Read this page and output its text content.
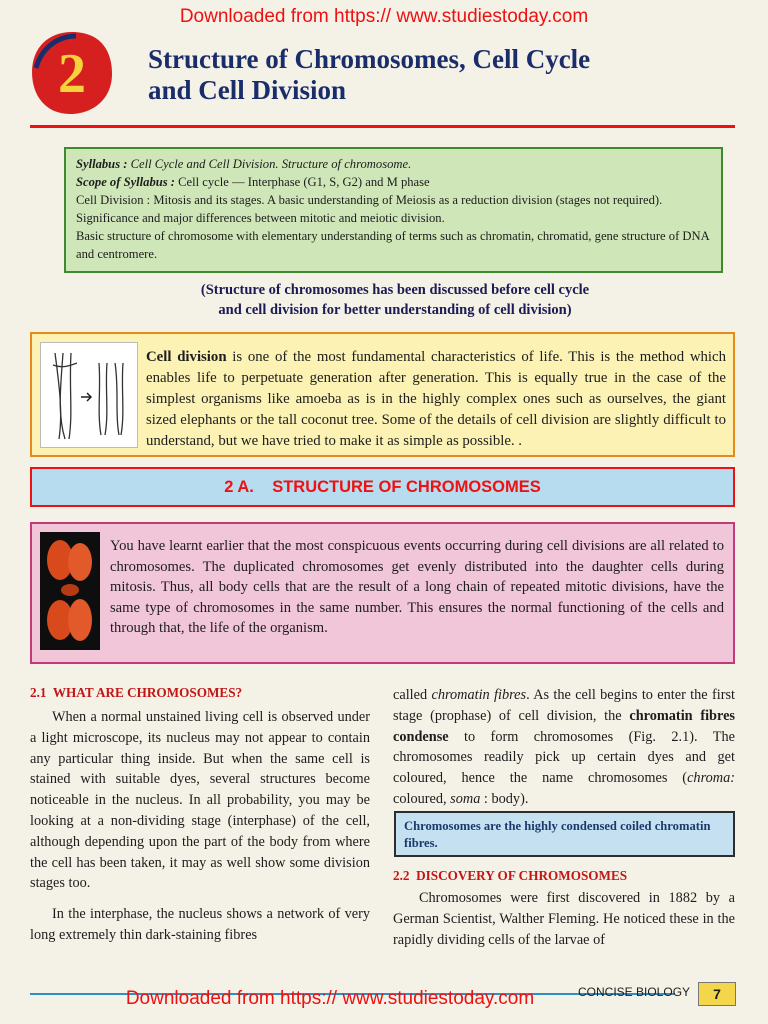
Downloaded from https:// www.studiestoday.com
2 Structure of Chromosomes, Cell Cycle
and Cell Division

Syllabus : Cell Cycle and Cell Division. Structure of chromosome.

Scope of Syllabus : Cell cycle — Interphase (G1, S, G2) and M phase

Cell Division : Mitosis and its stages. A basic understanding of Meiosis as a reduction division (stages not required). Significance and major differences between mitotic and meiotic division.

Basic structure of chromosome with elementary understanding of terms such as chromatin, chromatid, gene structure of DNA and centromere.

(Structure of chromosomes has been discussed before cell cycle
and cell division for better understanding of cell division)
Cell division is one of the most fundamental characteristics of life. This is the method which enables life to perpetuate generation after generation. This is equally true in the case of the simplest organisms like amoeba as is in the highly complex ones such as ourselves, the giant sized elephants or the tall coconut tree. Some of the details of cell division are slightly difficult to understand, but we have tried to make it as simple as possible. .
2 A.    STRUCTURE OF CHROMOSOMES
You have learnt earlier that the most conspicuous events occurring during cell divisions are all related to chromosomes. The duplicated chromosomes get evenly distributed into the daughter cells during mitosis. Thus, all body cells that are the result of a long chain of repeated mitotic divisions, have the same type of chromosomes in the same number. This ensures the normal functioning of the cells and through that, the life of the organism.
2.1  WHAT ARE CHROMOSOMES?

When a normal unstained living cell is observed under a light microscope, its nucleus may not appear to contain any particular thing inside. But when the same cell is stained with suitable dyes, several structures become noticeable in the nucleus. In all probability, you may be looking at a non-dividing stage (interphase) of the cell, although depending upon the part of the body from where the cell has been taken, it may as well show some division stages too.

In the interphase, the nucleus shows a network of very long extremely thin dark-staining fibres

called chromatin fibres. As the cell begins to enter the first stage (prophase) of cell division, the chromatin fibres condense to form chromosomes (Fig. 2.1). The chromosomes readily pick up certain dyes and get coloured, hence the name chromosomes (chroma: coloured, soma : body).
Chromosomes are the highly condensed coiled chromatin fibres.
2.2  DISCOVERY OF CHROMOSOMES
Chromosomes were first discovered in 1882 by a German Scientist, Walther Fleming. He noticed these in the rapidly dividing cells of the larvae of
CONCISE BIOLOGY	7
Downloaded from https:// www.studiestoday.com
